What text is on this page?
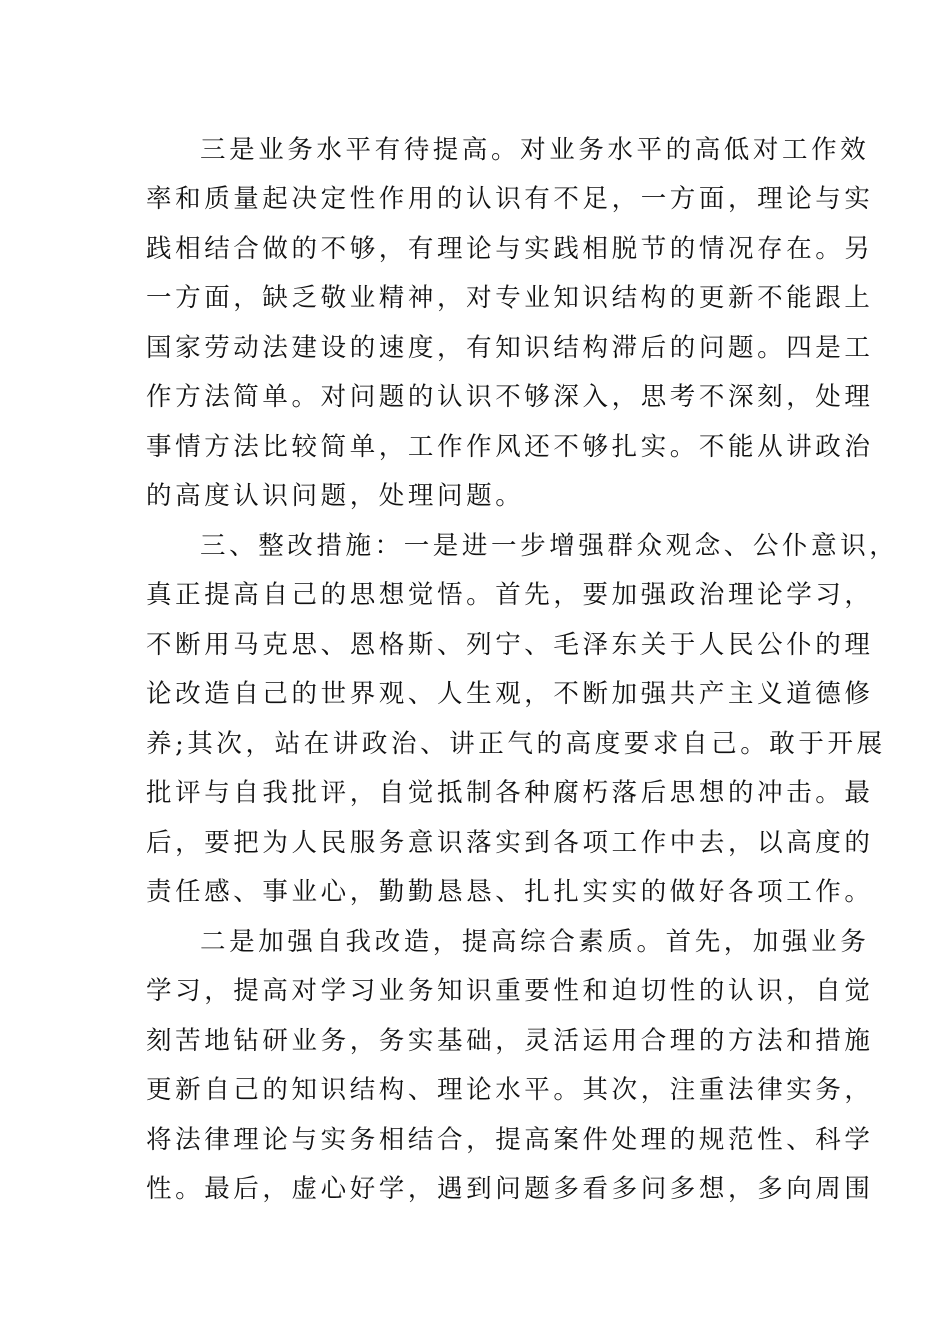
三是业务水平有待提高。对业务水平的高低对工作效
率和质量起决定性作用的认识有不足，一方面，理论与实
践相结合做的不够，有理论与实践相脱节的情况存在。另
一方面，缺乏敬业精神，对专业知识结构的更新不能跟上
国家劳动法建设的速度，有知识结构滞后的问题。四是工
作方法简单。对问题的认识不够深入，思考不深刻，处理
事情方法比较简单，工作作风还不够扎实。不能从讲政治
的高度认识问题，处理问题。
三、整改措施：一是进一步增强群众观念、公仆意识，
真正提高自己的思想觉悟。首先，要加强政治理论学习，
不断用马克思、恩格斯、列宁、毛泽东关于人民公仆的理
论改造自己的世界观、人生观，不断加强共产主义道德修
养;其次，站在讲政治、讲正气的高度要求自己。敢于开展
批评与自我批评，自觉抵制各种腐朽落后思想的冲击。最
后，要把为人民服务意识落实到各项工作中去，以高度的
责任感、事业心，勤勤恳恳、扎扎实实的做好各项工作。
二是加强自我改造，提高综合素质。首先，加强业务
学习，提高对学习业务知识重要性和迫切性的认识，自觉
刻苦地钻研业务，务实基础，灵活运用合理的方法和措施
更新自己的知识结构、理论水平。其次，注重法律实务，
将法律理论与实务相结合，提高案件处理的规范性、科学
性。最后，虚心好学，遇到问题多看多问多想，多向周围
